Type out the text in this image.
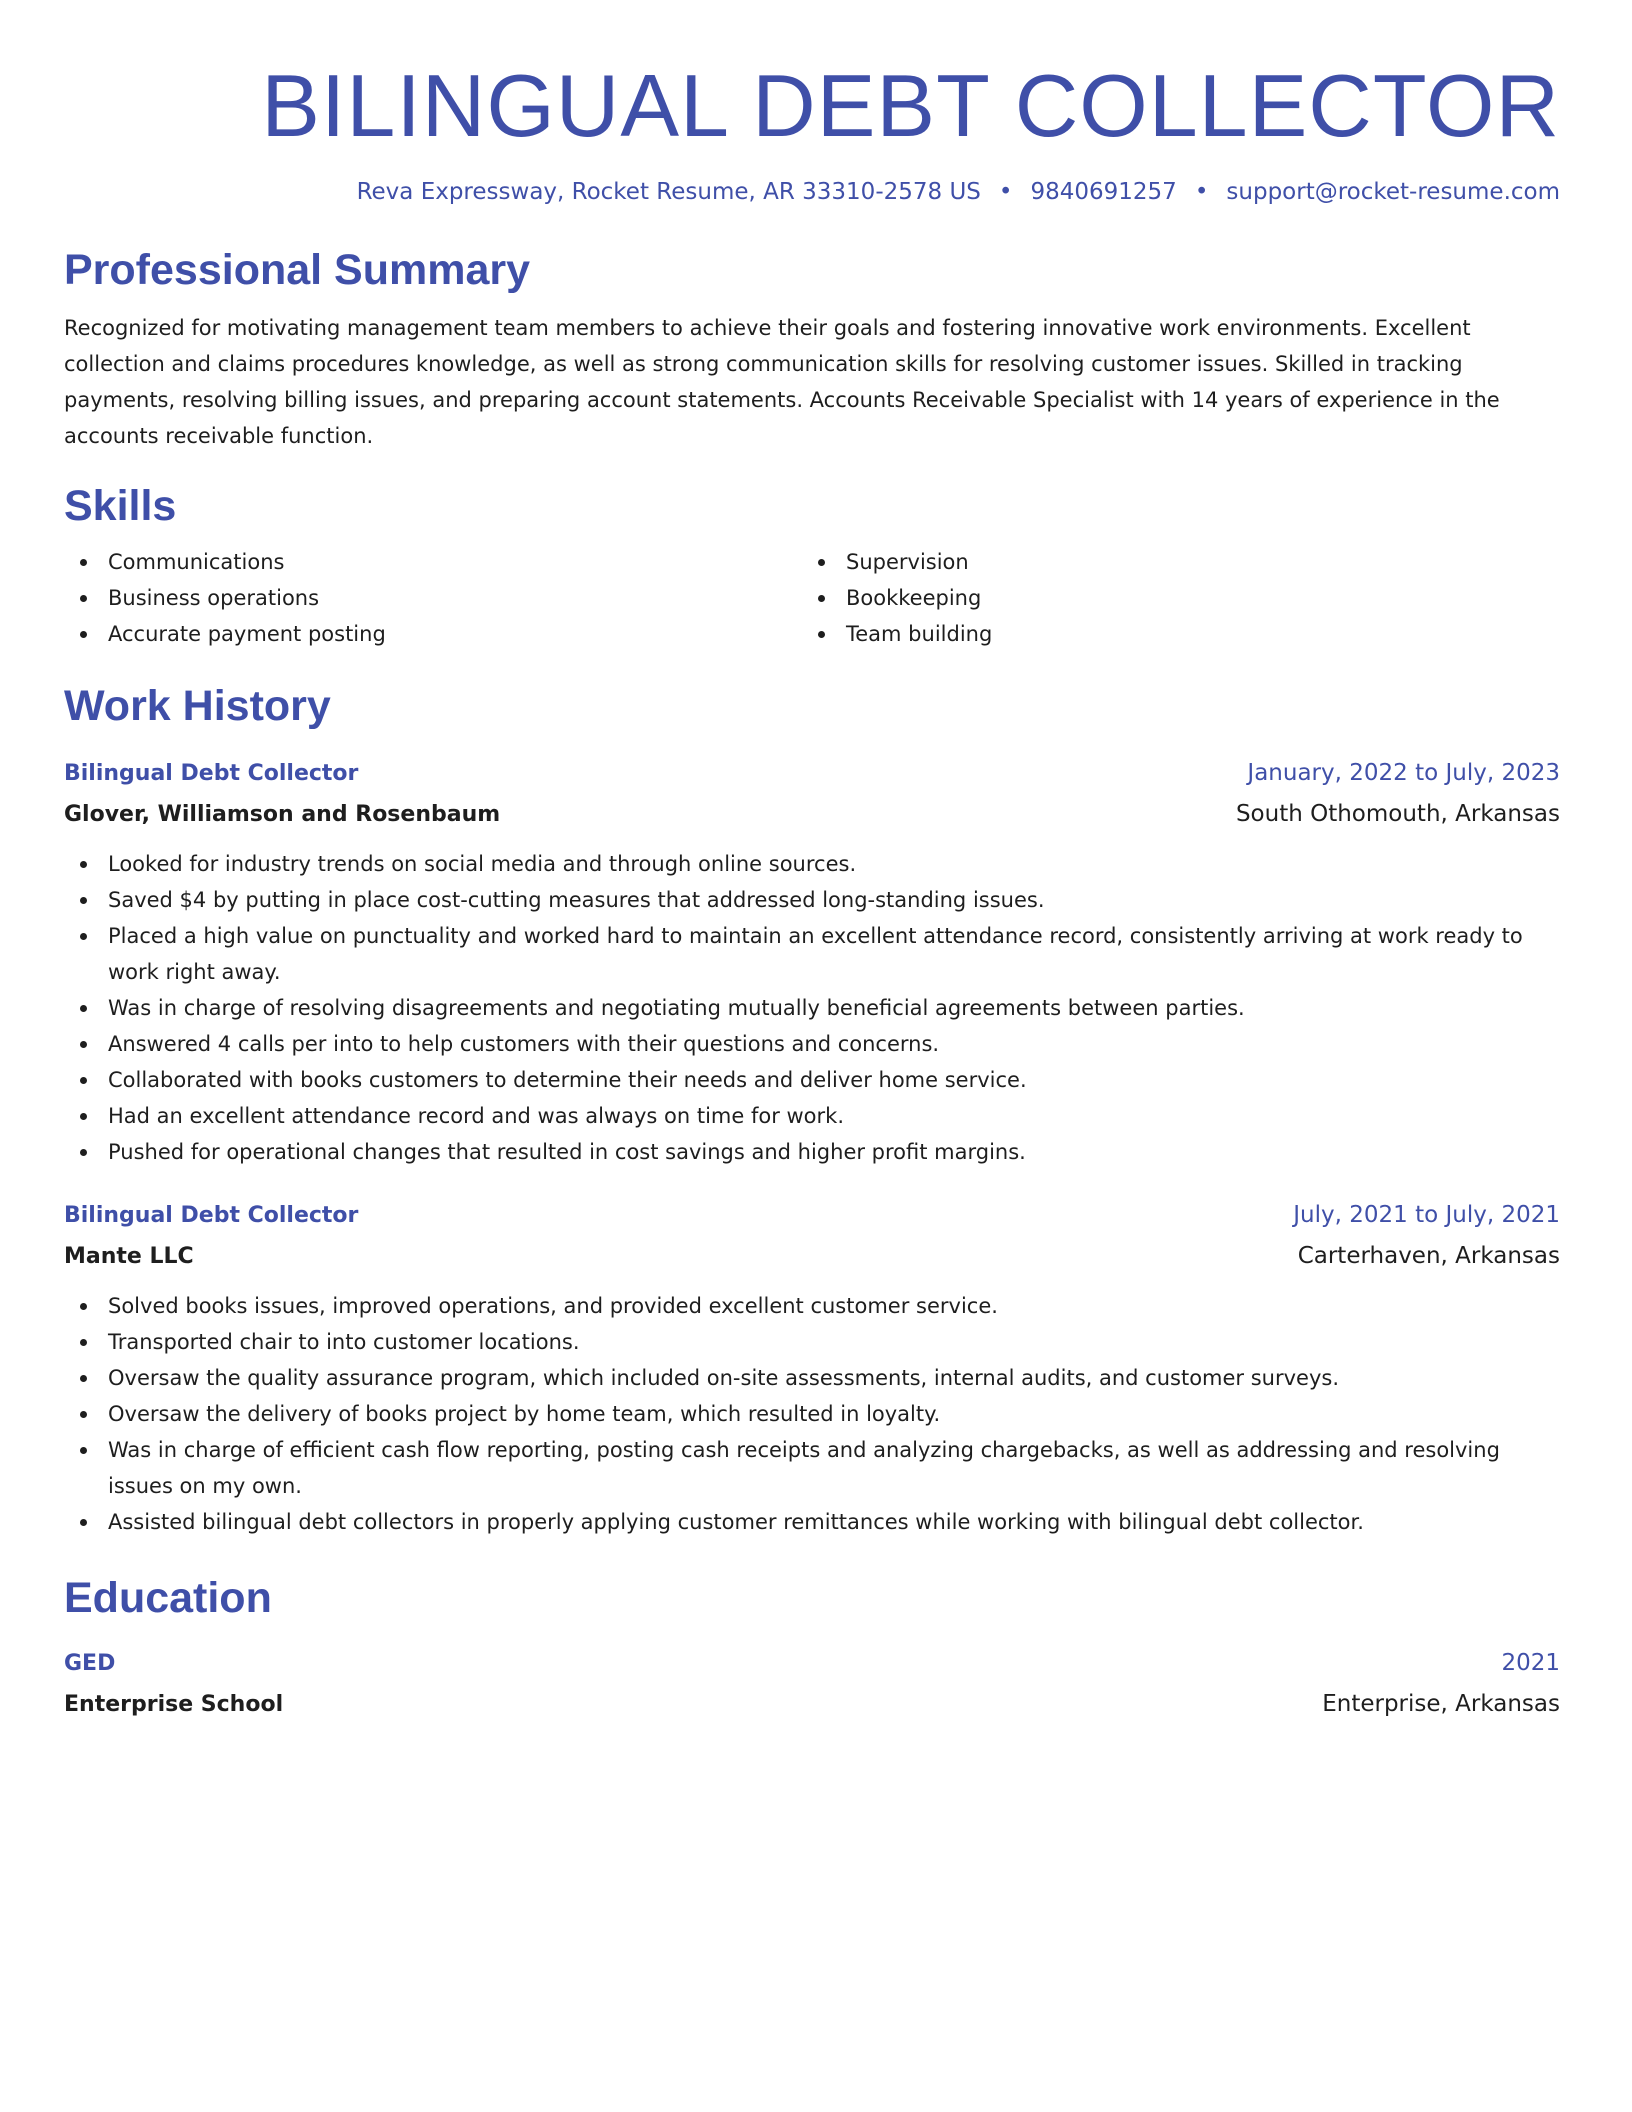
BILINGUAL DEBT COLLECTOR
Reva Expressway, Rocket Resume, AR 33310-2578 US • 9840691257 • support@rocket-resume.com
Professional Summary
Recognized for motivating management team members to achieve their goals and fostering innovative work environments. Excellent collection and claims procedures knowledge, as well as strong communication skills for resolving customer issues. Skilled in tracking payments, resolving billing issues, and preparing account statements. Accounts Receivable Specialist with 14 years of experience in the accounts receivable function.
Skills
Communications
Business operations
Accurate payment posting
Supervision
Bookkeeping
Team building
Work History
Bilingual Debt Collector	January, 2022 to July, 2023
Glover, Williamson and Rosenbaum	South Othomouth, Arkansas
Looked for industry trends on social media and through online sources.
Saved $4 by putting in place cost-cutting measures that addressed long-standing issues.
Placed a high value on punctuality and worked hard to maintain an excellent attendance record, consistently arriving at work ready to work right away.
Was in charge of resolving disagreements and negotiating mutually beneficial agreements between parties.
Answered 4 calls per into to help customers with their questions and concerns.
Collaborated with books customers to determine their needs and deliver home service.
Had an excellent attendance record and was always on time for work.
Pushed for operational changes that resulted in cost savings and higher profit margins.
Bilingual Debt Collector	July, 2021 to July, 2021
Mante LLC	Carterhaven, Arkansas
Solved books issues, improved operations, and provided excellent customer service.
Transported chair to into customer locations.
Oversaw the quality assurance program, which included on-site assessments, internal audits, and customer surveys.
Oversaw the delivery of books project by home team, which resulted in loyalty.
Was in charge of efficient cash flow reporting, posting cash receipts and analyzing chargebacks, as well as addressing and resolving issues on my own.
Assisted bilingual debt collectors in properly applying customer remittances while working with bilingual debt collector.
Education
GED	2021
Enterprise School	Enterprise, Arkansas
